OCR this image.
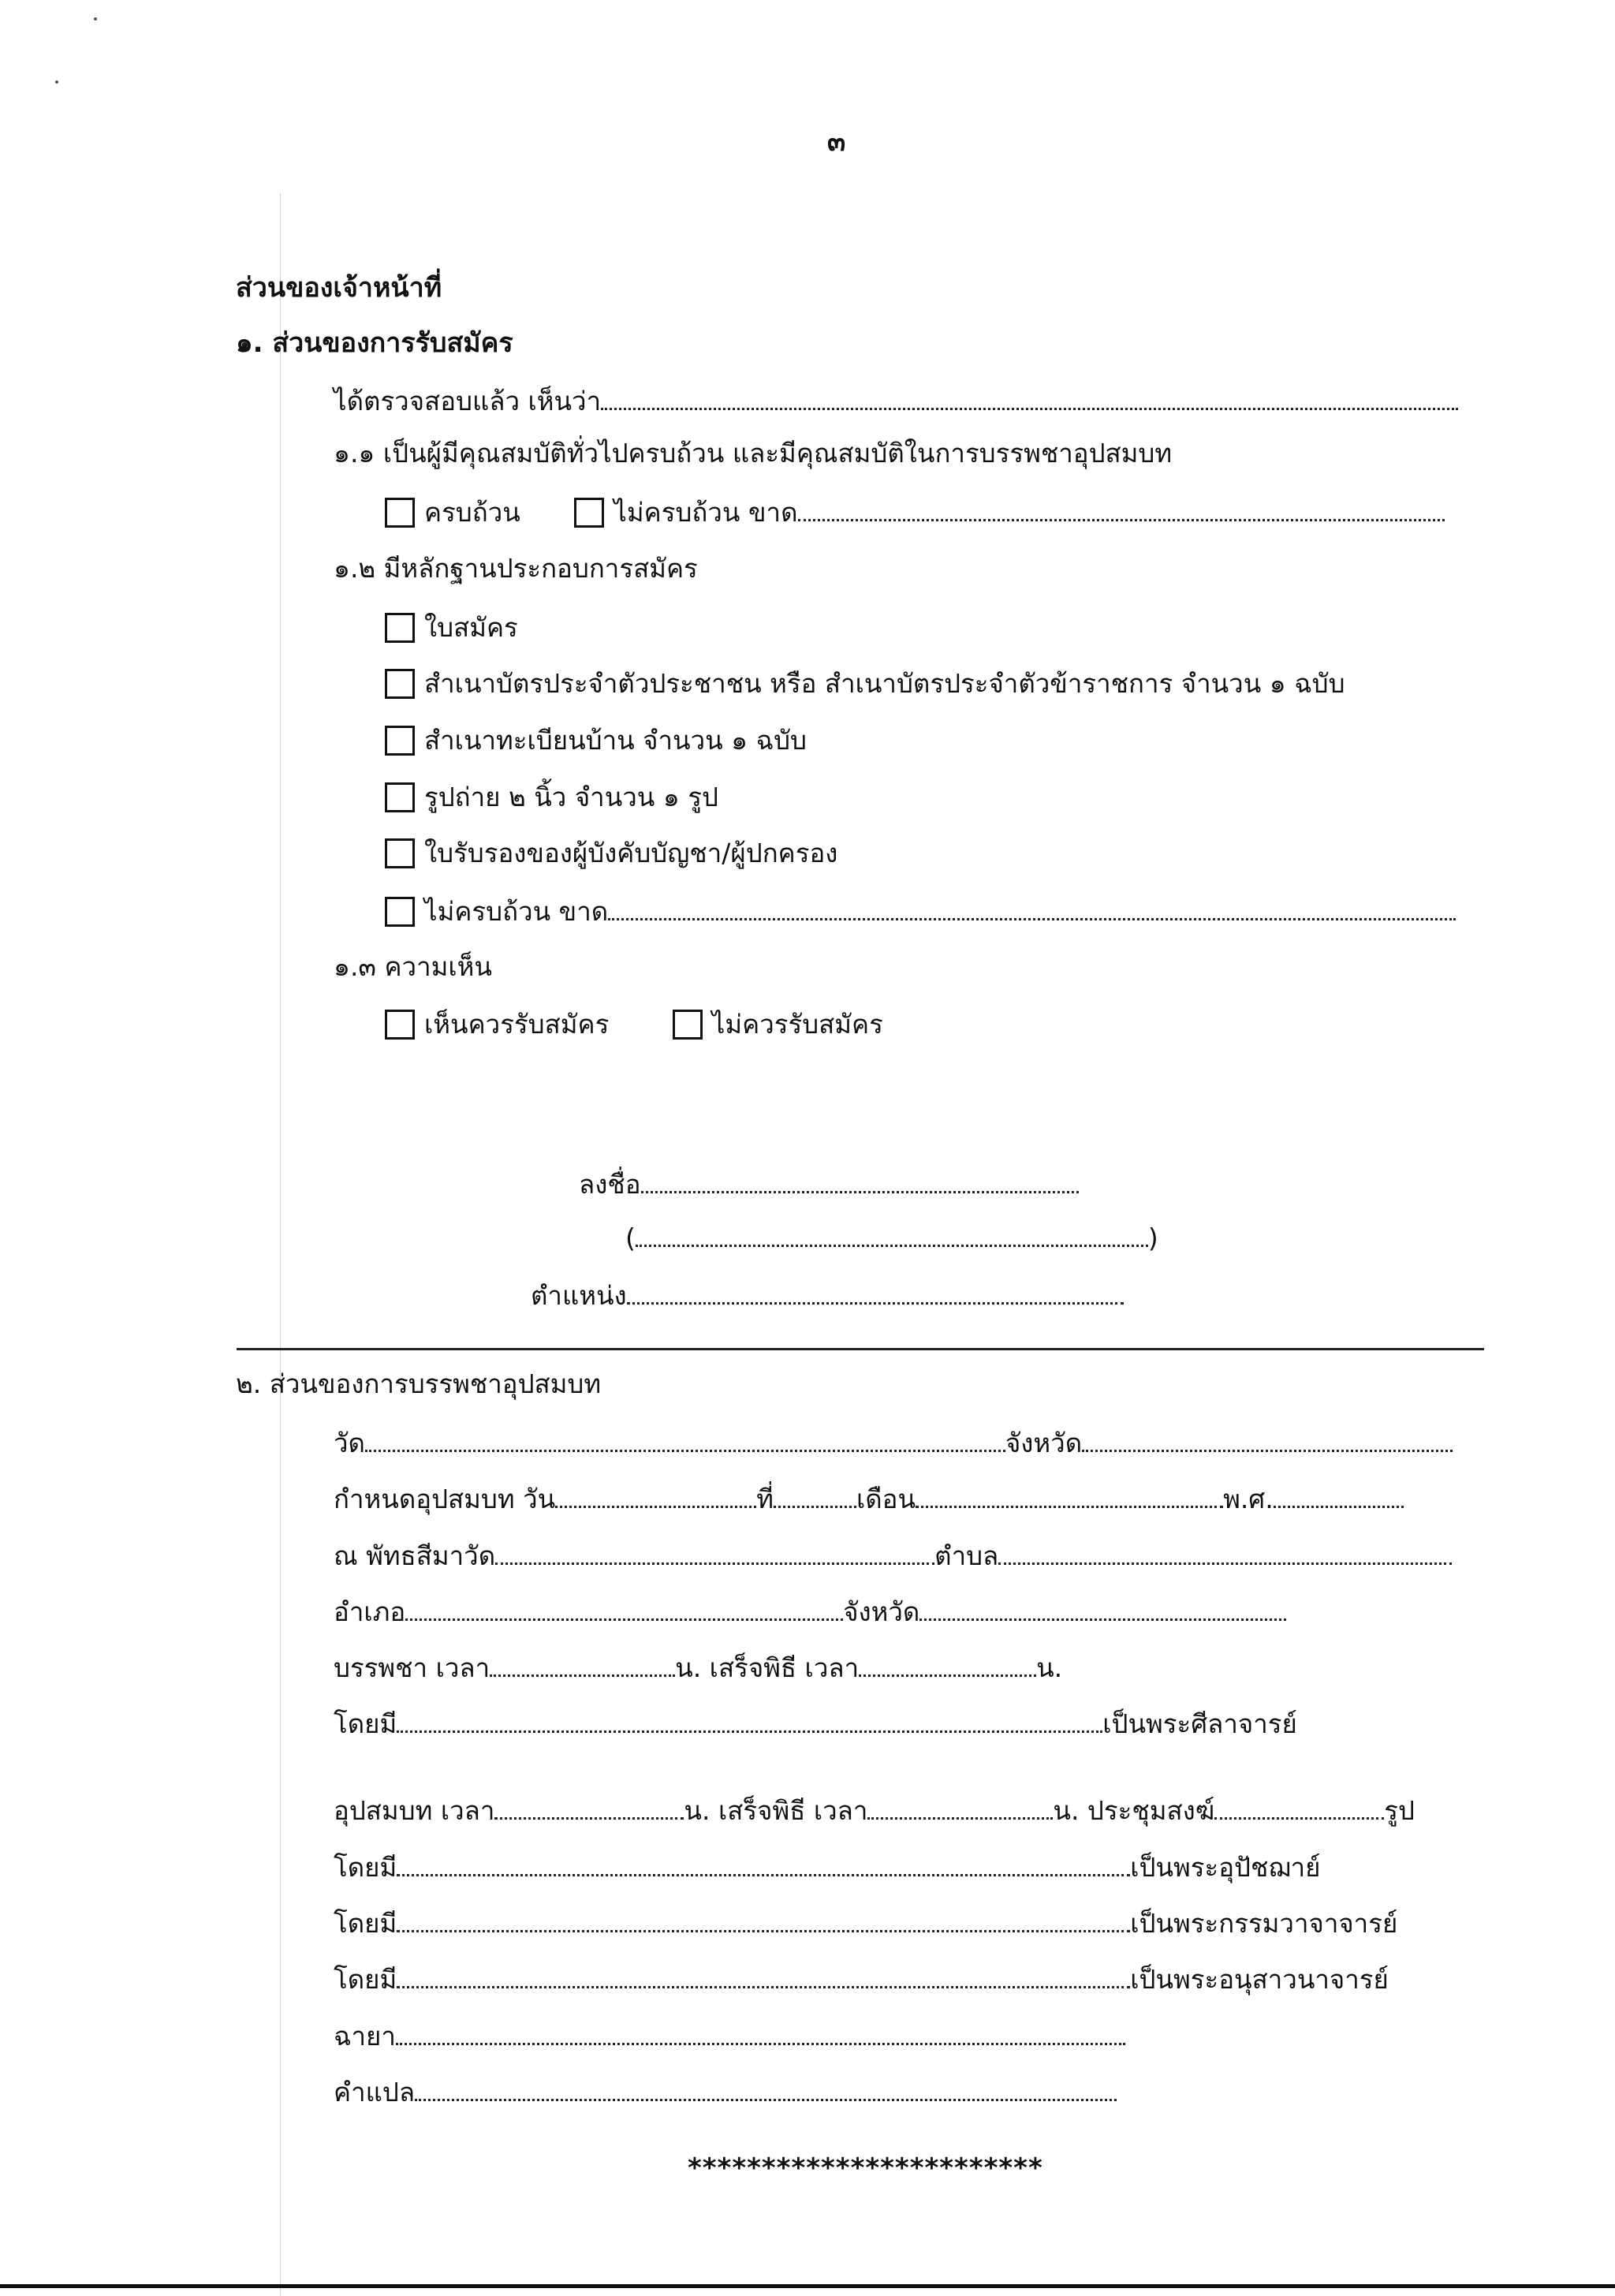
๓
ส่วนของเจ้าหน้าที่
๑. ส่วนของการรับสมัคร
ได้ตรวจสอบแล้ว เห็นว่า
๑.๑ เป็นผู้มีคุณสมบัติทั่วไปครบถ้วน และมีคุณสมบัติในการบรรพชาอุปสมบท
ครบถ้วน	ไม่ครบถ้วน ขาด
๑.๒ มีหลักฐานประกอบการสมัคร
ใบสมัคร
สำเนาบัตรประจำตัวประชาชน หรือ สำเนาบัตรประจำตัวข้าราชการ จำนวน ๑ ฉบับ
สำเนาทะเบียนบ้าน จำนวน ๑ ฉบับ
รูปถ่าย ๒ นิ้ว จำนวน ๑ รูป
ใบรับรองของผู้บังคับบัญชา/ผู้ปกครอง
ไม่ครบถ้วน ขาด
๑.๓ ความเห็น
เห็นควรรับสมัคร	ไม่ควรรับสมัคร
ลงชื่อ
(	)
ตำแหน่ง
๒. ส่วนของการบรรพชาอุปสมบท
วัด	จังหวัด
กำหนดอุปสมบท วัน	ที่	เดือน	พ.ศ.
ณ พัทธสีมาวัด	ตำบล
อำเภอ	จังหวัด
บรรพชา เวลา	น. เสร็จพิธี เวลา	น.
โดยมี	เป็นพระศีลาจารย์
อุปสมบท เวลา	น. เสร็จพิธี เวลา	น. ประชุมสงฆ์	รูป
โดยมี	เป็นพระอุปัชฌาย์
โดยมี	เป็นพระกรรมวาจาจารย์
โดยมี	เป็นพระอนุสาวนาจารย์
ฉายา
คำแปล
************************
